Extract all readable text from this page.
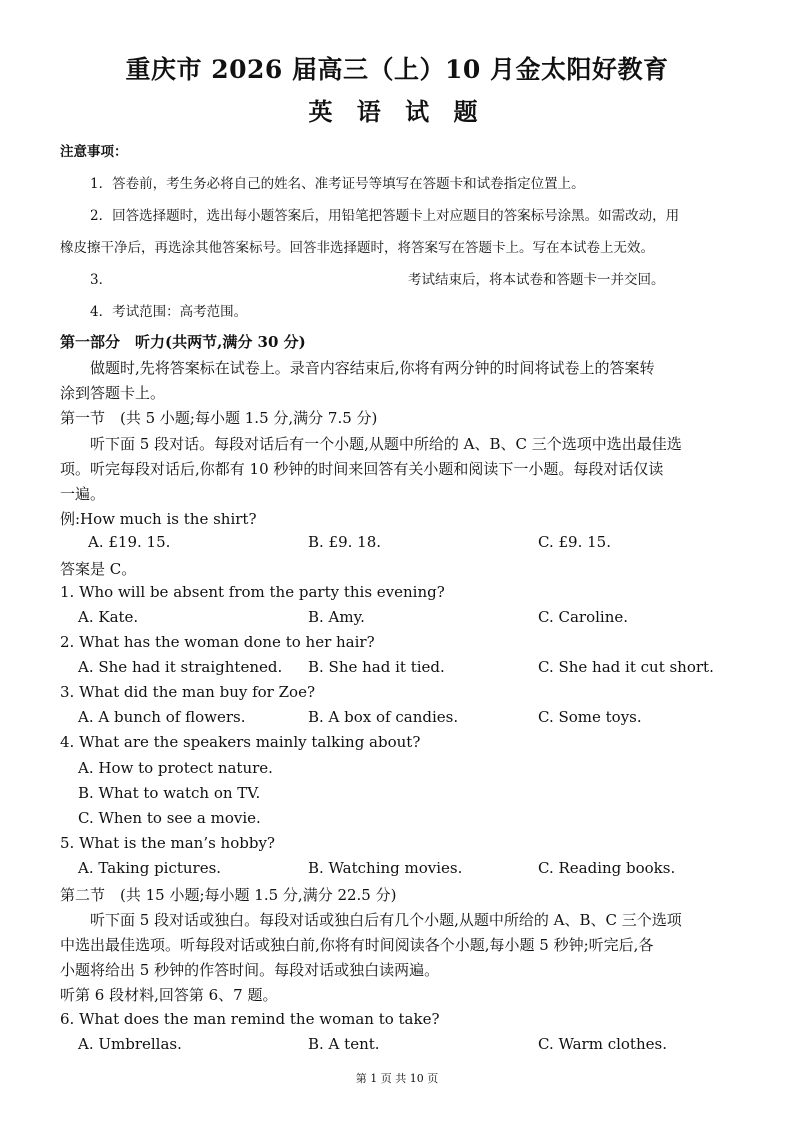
重庆市 2026 届高三（上）10 月金太阳好教育
英 语 试 题
注意事项：
1．答卷前，考生务必将自己的姓名、准考证号等填写在答题卡和试卷指定位置上。
2．回答选择题时，选出每小题答案后，用铅笔把答题卡上对应题目的答案标号涂黑。如需改动，用
橡皮擦干净后，再选涂其他答案标号。回答非选择题时，将答案写在答题卡上。写在本试卷上无效。
3．	考试结束后，将本试卷和答题卡一并交回。
4．考试范围：高考范围。
第一部分　听力(共两节,满分 30 分)
做题时,先将答案标在试卷上。录音内容结束后,你将有两分钟的时间将试卷上的答案转
涂到答题卡上。
第一节　(共 5 小题;每小题 1.5 分,满分 7.5 分)
听下面 5 段对话。每段对话后有一个小题,从题中所给的 A、B、C 三个选项中选出最佳选
项。听完每段对话后,你都有 10 秒钟的时间来回答有关小题和阅读下一小题。每段对话仅读
一遍。
例:How much is the shirt?
A. £19. 15.	B. £9. 18.	C. £9. 15.
答案是 C。
1. Who will be absent from the party this evening?
A. Kate.	B. Amy.	C. Caroline.
2. What has the woman done to her hair?
A. She had it straightened. B. She had it tied.	C. She had it cut short.
3. What did the man buy for Zoe?
A. A bunch of flowers.	B. A box of candies.	C. Some toys.
4. What are the speakers mainly talking about?
A. How to protect nature.
B. What to watch on TV.
C. When to see a movie.
5. What is the man’s hobby?
A. Taking pictures.	B. Watching movies.	C. Reading books.
第二节　(共 15 小题;每小题 1.5 分,满分 22.5 分)
听下面 5 段对话或独白。每段对话或独白后有几个小题,从题中所给的 A、B、C 三个选项
中选出最佳选项。听每段对话或独白前,你将有时间阅读各个小题,每小题 5 秒钟;听完后,各
小题将给出 5 秒钟的作答时间。每段对话或独白读两遍。
听第 6 段材料,回答第 6、7 题。
6. What does the man remind the woman to take?
A. Umbrellas.	B. A tent.	C. Warm clothes.
第 1 页 共 10 页
